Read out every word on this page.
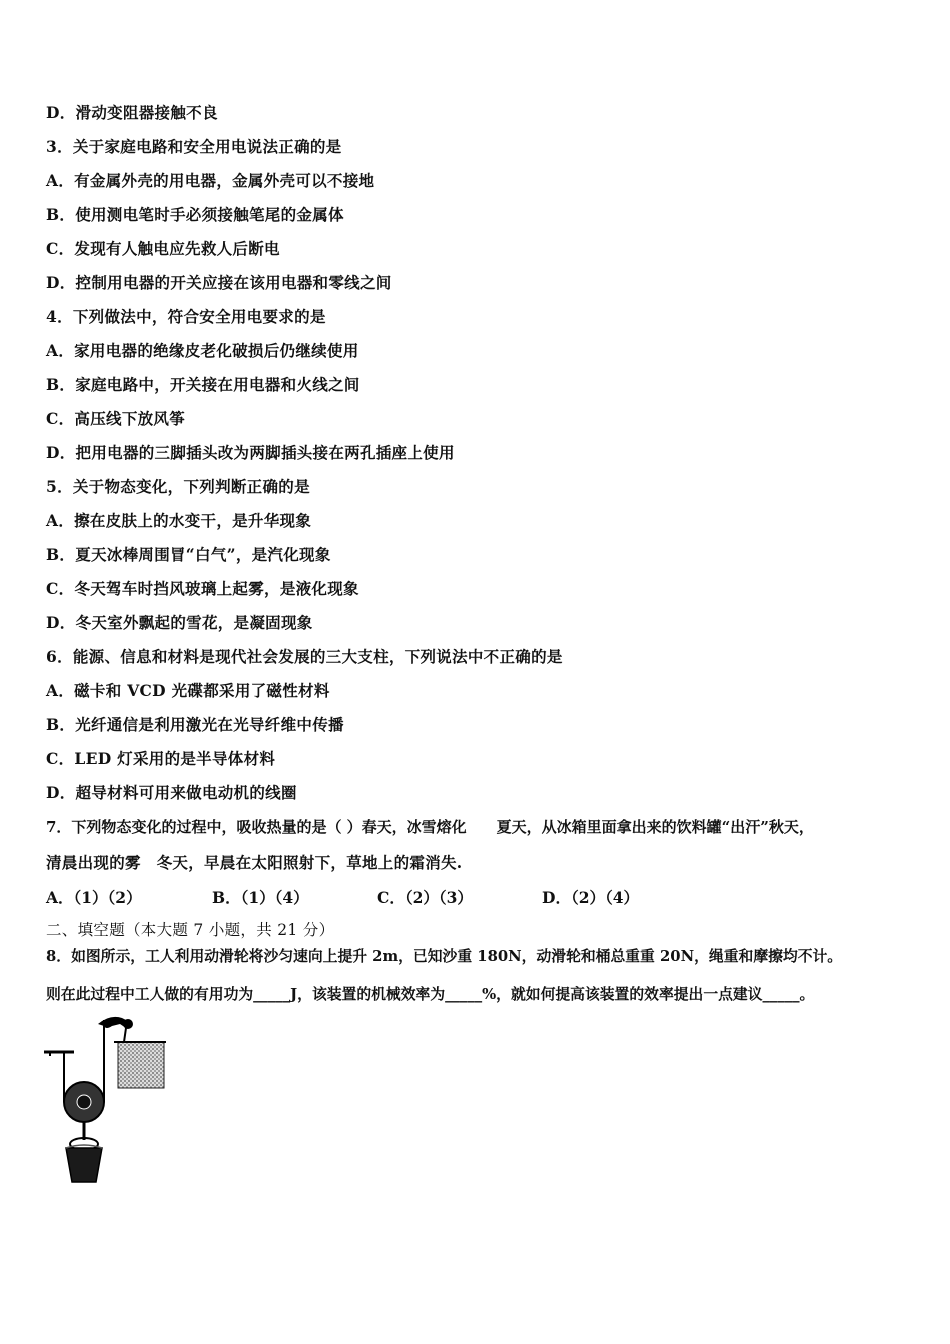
D．滑动变阻器接触不良
3．关于家庭电路和安全用电说法正确的是
A．有金属外壳的用电器，金属外壳可以不接地
B．使用测电笔时手必须接触笔尾的金属体
C．发现有人触电应先救人后断电
D．控制用电器的开关应接在该用电器和零线之间
4．下列做法中，符合安全用电要求的是
A．家用电器的绝缘皮老化破损后仍继续使用
B．家庭电路中，开关接在用电器和火线之间
C．高压线下放风筝
D．把用电器的三脚插头改为两脚插头接在两孔插座上使用
5．关于物态变化，下列判断正确的是
A．擦在皮肤上的水变干，是升华现象
B．夏天冰棒周围冒“白气”，是汽化现象
C．冬天驾车时挡风玻璃上起雾，是液化现象
D．冬天室外飘起的雪花，是凝固现象
6．能源、信息和材料是现代社会发展的三大支柱，下列说法中不正确的是
A．磁卡和 VCD 光碟都采用了磁性材料
B．光纤通信是利用激光在光导纤维中传播
C．LED 灯采用的是半导体材料
D．超导材料可用来做电动机的线圈
7．下列物态变化的过程中，吸收热量的是（ ）春天，冰雪熔化　　夏天，从冰箱里面拿出来的饮料罐“出汗”秋天，
清晨出现的雾　冬天，早晨在太阳照射下，草地上的霜消失.
A．（1）（2）	B．（1）（4）	C．（2）（3）	D．（2）（4）
二、填空题（本大题 7 小题，共 21 分）
8．如图所示，工人利用动滑轮将沙匀速向上提升 2m，已知沙重 180N，动滑轮和桶总重重 20N，绳重和摩擦均不计。
则在此过程中工人做的有用功为_____J，该装置的机械效率为_____%，就如何提高该装置的效率提出一点建议_____。
